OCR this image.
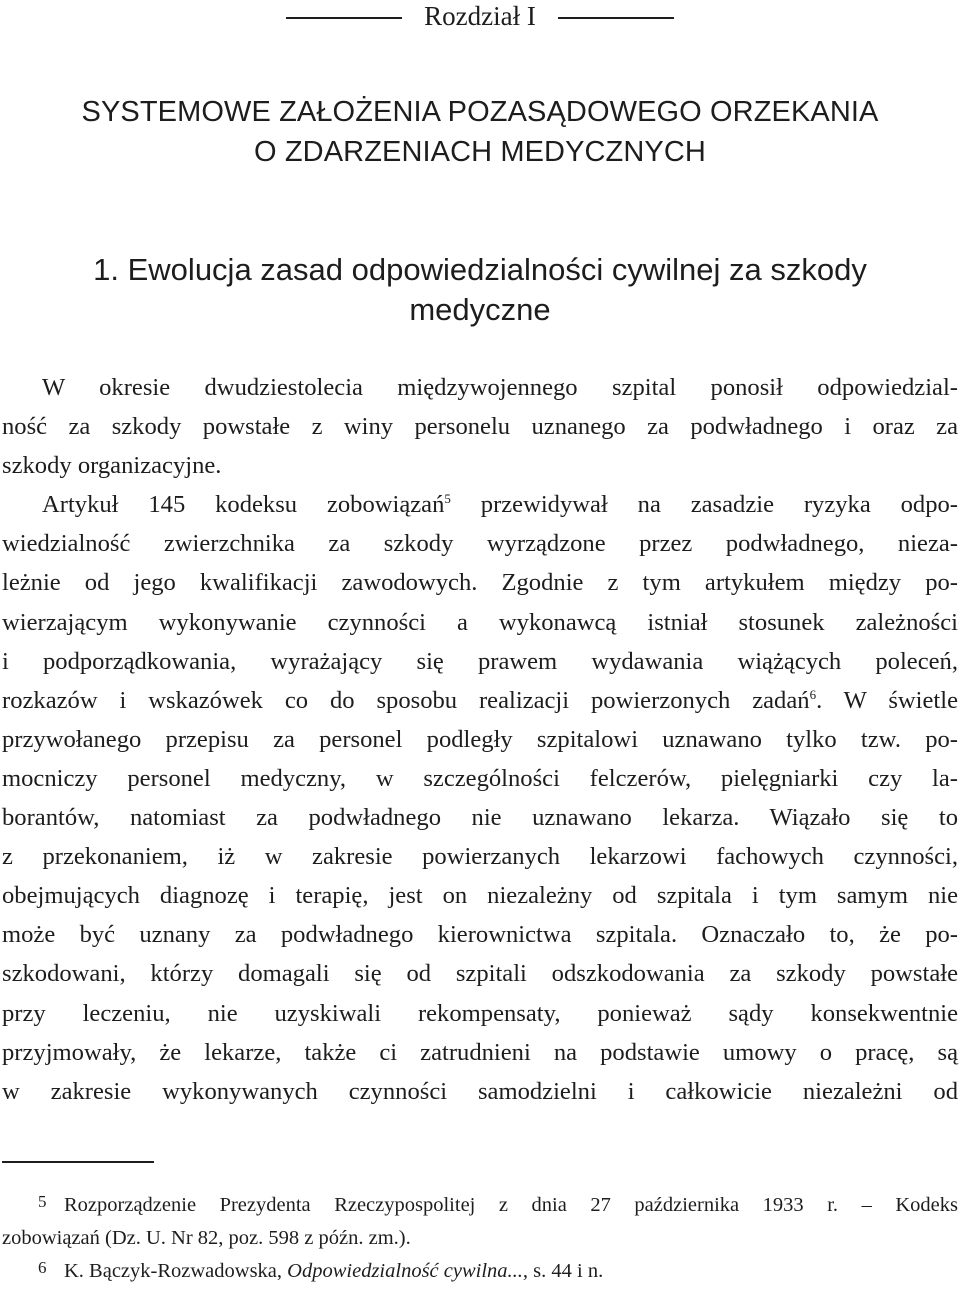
Rozdział I
SYSTEMOWE ZAŁOŻENIA POZASĄDOWEGO ORZEKANIA
O ZDARZENIACH MEDYCZNYCH
1. Ewolucja zasad odpowiedzialności cywilnej za szkody
medyczne
W okresie dwudziestolecia międzywojennego szpital ponosił odpowiedzial-
ność za szkody powstałe z winy personelu uznanego za podwładnego i oraz za
szkody organizacyjne.
Artykuł 145 kodeksu zobowiązań$^5$ przewidywał na zasadzie ryzyka odpo-
wiedzialność zwierzchnika za szkody wyrządzone przez podwładnego, nieza-
leżnie od jego kwalifikacji zawodowych. Zgodnie z tym artykułem między po-
wierzającym wykonywanie czynności a wykonawcą istniał stosunek zależności
i podporządkowania, wyrażający się prawem wydawania wiążących poleceń,
rozkazów i wskazówek co do sposobu realizacji powierzonych zadań$^6$. W świetle
przywołanego przepisu za personel podległy szpitalowi uznawano tylko tzw. po-
mocniczy personel medyczny, w szczególności felczerów, pielęgniarki czy la-
borantów, natomiast za podwładnego nie uznawano lekarza. Wiązało się to
z przekonaniem, iż w zakresie powierzanych lekarzowi fachowych czynności,
obejmujących diagnozę i terapię, jest on niezależny od szpitala i tym samym nie
może być uznany za podwładnego kierownictwa szpitala. Oznaczało to, że po-
szkodowani, którzy domagali się od szpitali odszkodowania za szkody powstałe
przy leczeniu, nie uzyskiwali rekompensaty, ponieważ sądy konsekwentnie
przyjmowały, że lekarze, także ci zatrudnieni na podstawie umowy o pracę, są
w zakresie wykonywanych czynności samodzielni i całkowicie niezależni od
5 Rozporządzenie Prezydenta Rzeczypospolitej z dnia 27 października 1933 r. – Kodeks
zobowiązań (Dz. U. Nr 82, poz. 598 z późn. zm.).
6 K. Bączyk-Rozwadowska, Odpowiedzialność cywilna..., s. 44 i n.
